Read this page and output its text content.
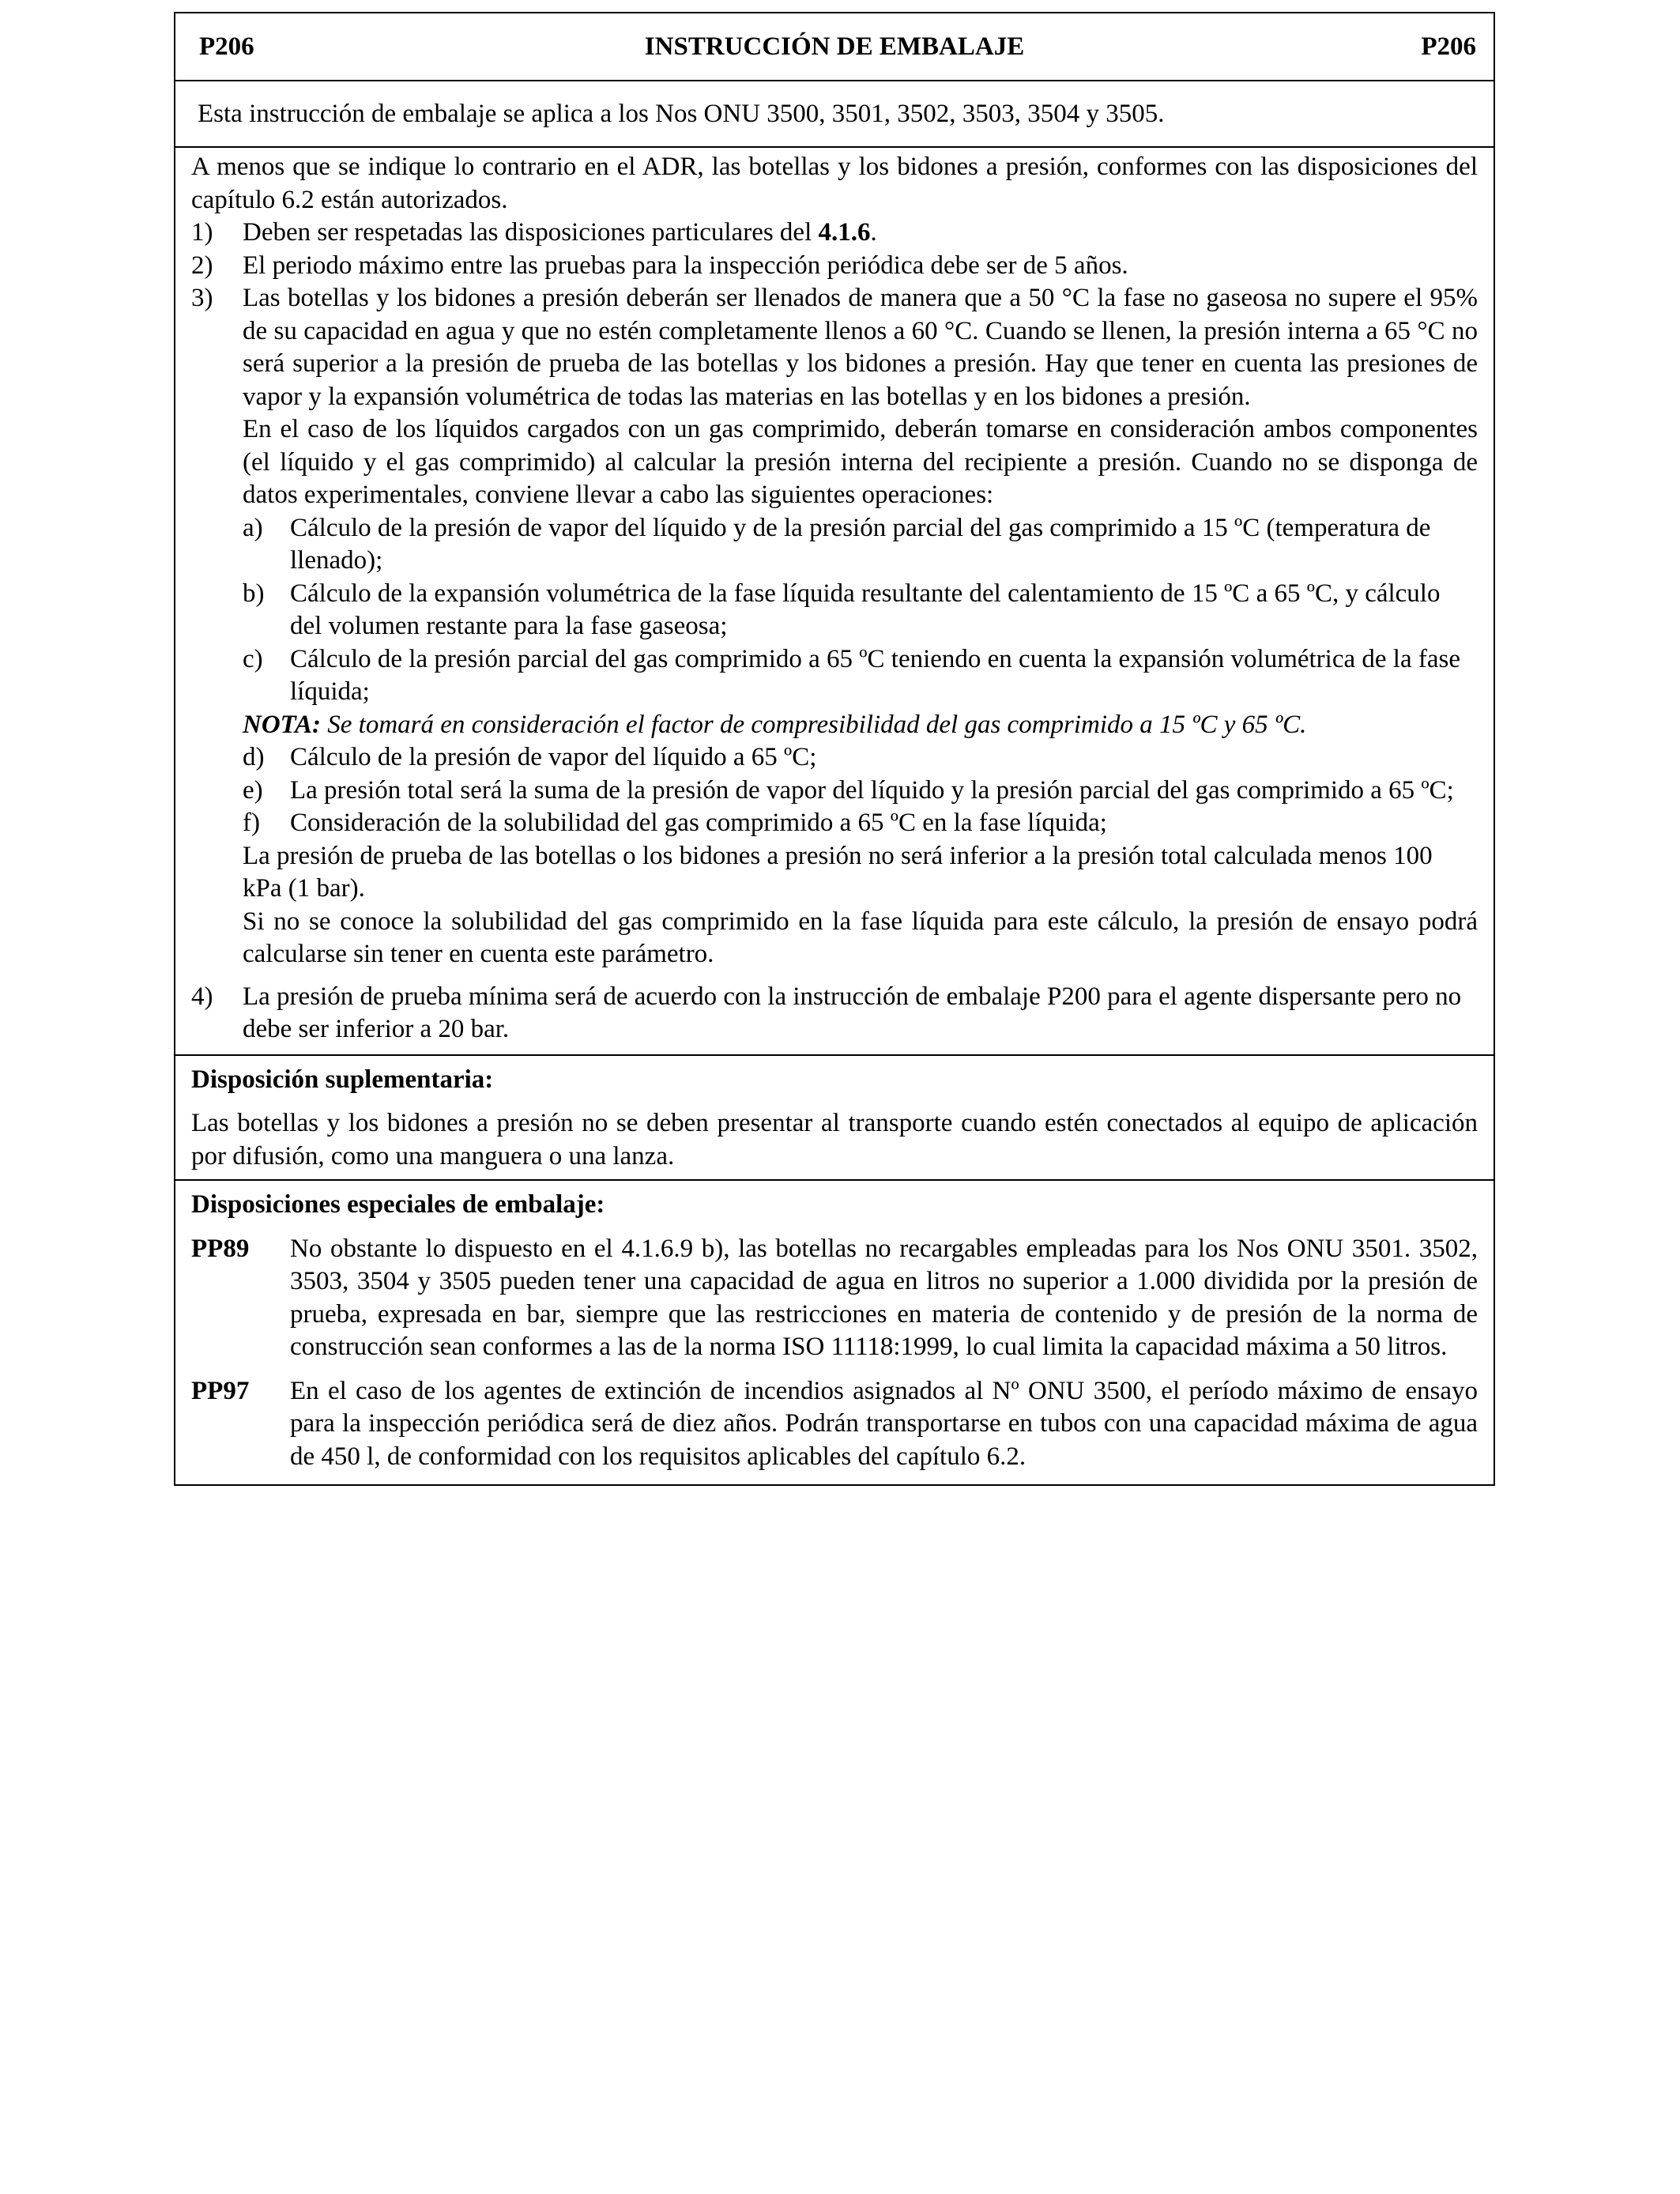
P206	INSTRUCCIÓN DE EMBALAJE	P206
Esta instrucción de embalaje se aplica a los Nos ONU 3500, 3501, 3502, 3503, 3504 y 3505.
A menos que se indique lo contrario en el ADR, las botellas y los bidones a presión, conformes con las disposiciones del capítulo 6.2 están autorizados.
1)	Deben ser respetadas las disposiciones particulares del 4.1.6.
2)	El periodo máximo entre las pruebas para la inspección periódica debe ser de 5 años.
3)	Las botellas y los bidones a presión deberán ser llenados de manera que a 50 °C la fase no gaseosa no supere el 95% de su capacidad en agua y que no estén completamente llenos a 60 °C. Cuando se llenen, la presión interna a 65 °C no será superior a la presión de prueba de las botellas y los bidones a presión. Hay que tener en cuenta las presiones de vapor y la expansión volumétrica de todas las materias en las botellas y en los bidones a presión.
En el caso de los líquidos cargados con un gas comprimido, deberán tomarse en consideración ambos componentes (el líquido y el gas comprimido) al calcular la presión interna del recipiente a presión. Cuando no se disponga de datos experimentales, conviene llevar a cabo las siguientes operaciones:
a)	Cálculo de la presión de vapor del líquido y de la presión parcial del gas comprimido a 15 ºC (temperatura de llenado);
b) Cálculo de la expansión volumétrica de la fase líquida resultante del calentamiento de 15 ºC a 65 ºC, y cálculo del volumen restante para la fase gaseosa;
c)	Cálculo de la presión parcial del gas comprimido a 65 ºC teniendo en cuenta la expansión volumétrica de la fase líquida;
NOTA: Se tomará en consideración el factor de compresibilidad del gas comprimido a 15 ºC y 65 ºC.
d) Cálculo de la presión de vapor del líquido a 65 ºC;
e)	La presión total será la suma de la presión de vapor del líquido y la presión parcial del gas comprimido a 65 ºC;
f)	Consideración de la solubilidad del gas comprimido a 65 ºC en la fase líquida;
La presión de prueba de las botellas o los bidones a presión no será inferior a la presión total calculada menos 100 kPa (1 bar).
Si no se conoce la solubilidad del gas comprimido en la fase líquida para este cálculo, la presión de ensayo podrá calcularse sin tener en cuenta este parámetro.
4)	La presión de prueba mínima será de acuerdo con la instrucción de embalaje P200 para el agente dispersante pero no debe ser inferior a 20 bar.
Disposición suplementaria:
Las botellas y los bidones a presión no se deben presentar al transporte cuando estén conectados al equipo de aplicación por difusión, como una manguera o una lanza.
Disposiciones especiales de embalaje:
PP89	No obstante lo dispuesto en el 4.1.6.9 b), las botellas no recargables empleadas para los Nos ONU 3501. 3502, 3503, 3504 y 3505 pueden tener una capacidad de agua en litros no superior a 1.000 dividida por la presión de prueba, expresada en bar, siempre que las restricciones en materia de contenido y de presión de la norma de construcción sean conformes a las de la norma ISO 11118:1999, lo cual limita la capacidad máxima a 50 litros.
PP97	En el caso de los agentes de extinción de incendios asignados al Nº ONU 3500, el período máximo de ensayo para la inspección periódica será de diez años. Podrán transportarse en tubos con una capacidad máxima de agua de 450 l, de conformidad con los requisitos aplicables del capítulo 6.2.
